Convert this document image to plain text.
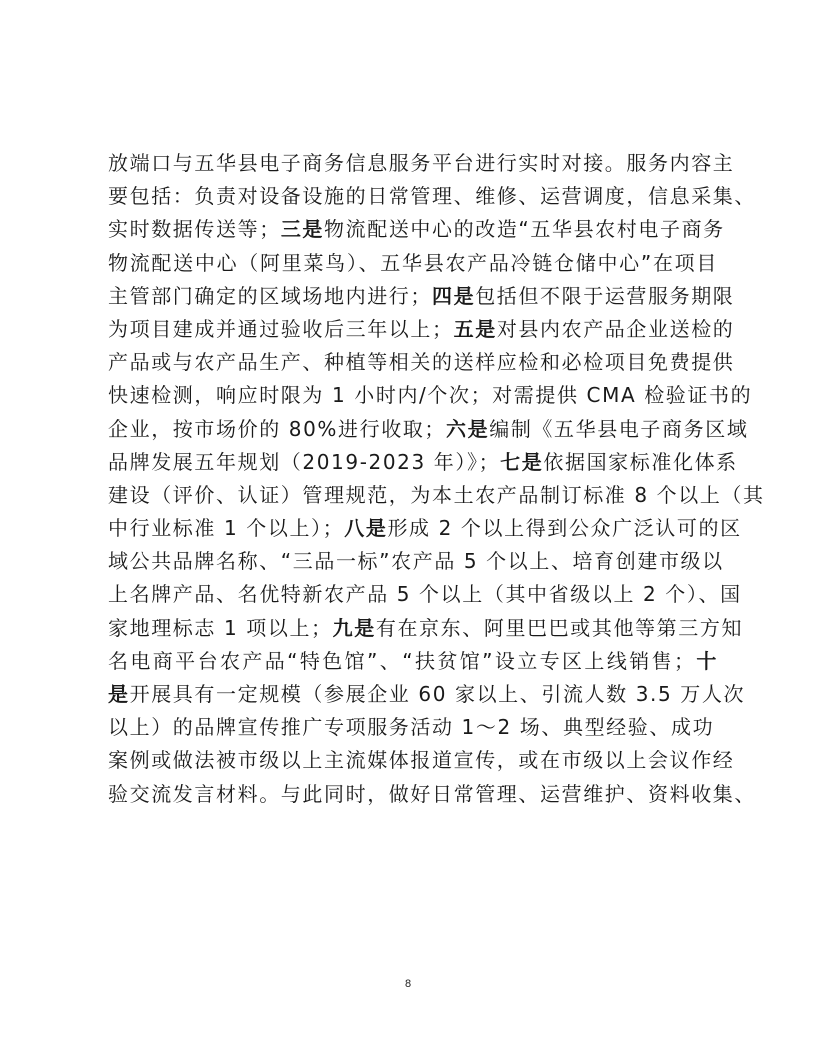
放端口与五华县电子商务信息服务平台进行实时对接。服务内容主
要包括：负责对设备设施的日常管理、维修、运营调度，信息采集、
实时数据传送等；三是物流配送中心的改造“五华县农村电子商务
物流配送中心（阿里菜鸟）、五华县农产品冷链仓储中心”在项目
主管部门确定的区域场地内进行；四是包括但不限于运营服务期限
为项目建成并通过验收后三年以上；五是对县内农产品企业送检的
产品或与农产品生产、种植等相关的送样应检和必检项目免费提供
快速检测，响应时限为 1 小时内/个次；对需提供 CMA 检验证书的
企业，按市场价的 80%进行收取；六是编制《五华县电子商务区域
品牌发展五年规划（2019-2023 年）》；七是依据国家标准化体系
建设（评价、认证）管理规范，为本土农产品制订标准 8 个以上（其
中行业标准 1 个以上）；八是形成 2 个以上得到公众广泛认可的区
域公共品牌名称、“三品一标”农产品 5 个以上、培育创建市级以
上名牌产品、名优特新农产品 5 个以上（其中省级以上 2 个）、国
家地理标志 1 项以上；九是有在京东、阿里巴巴或其他等第三方知
名电商平台农产品“特色馆”、“扶贫馆”设立专区上线销售；十
是开展具有一定规模（参展企业 60 家以上、引流人数 3.5 万人次
以上）的品牌宣传推广专项服务活动 1～2 场、典型经验、成功
案例或做法被市级以上主流媒体报道宣传，或在市级以上会议作经
验交流发言材料。与此同时，做好日常管理、运营维护、资料收集、
8
